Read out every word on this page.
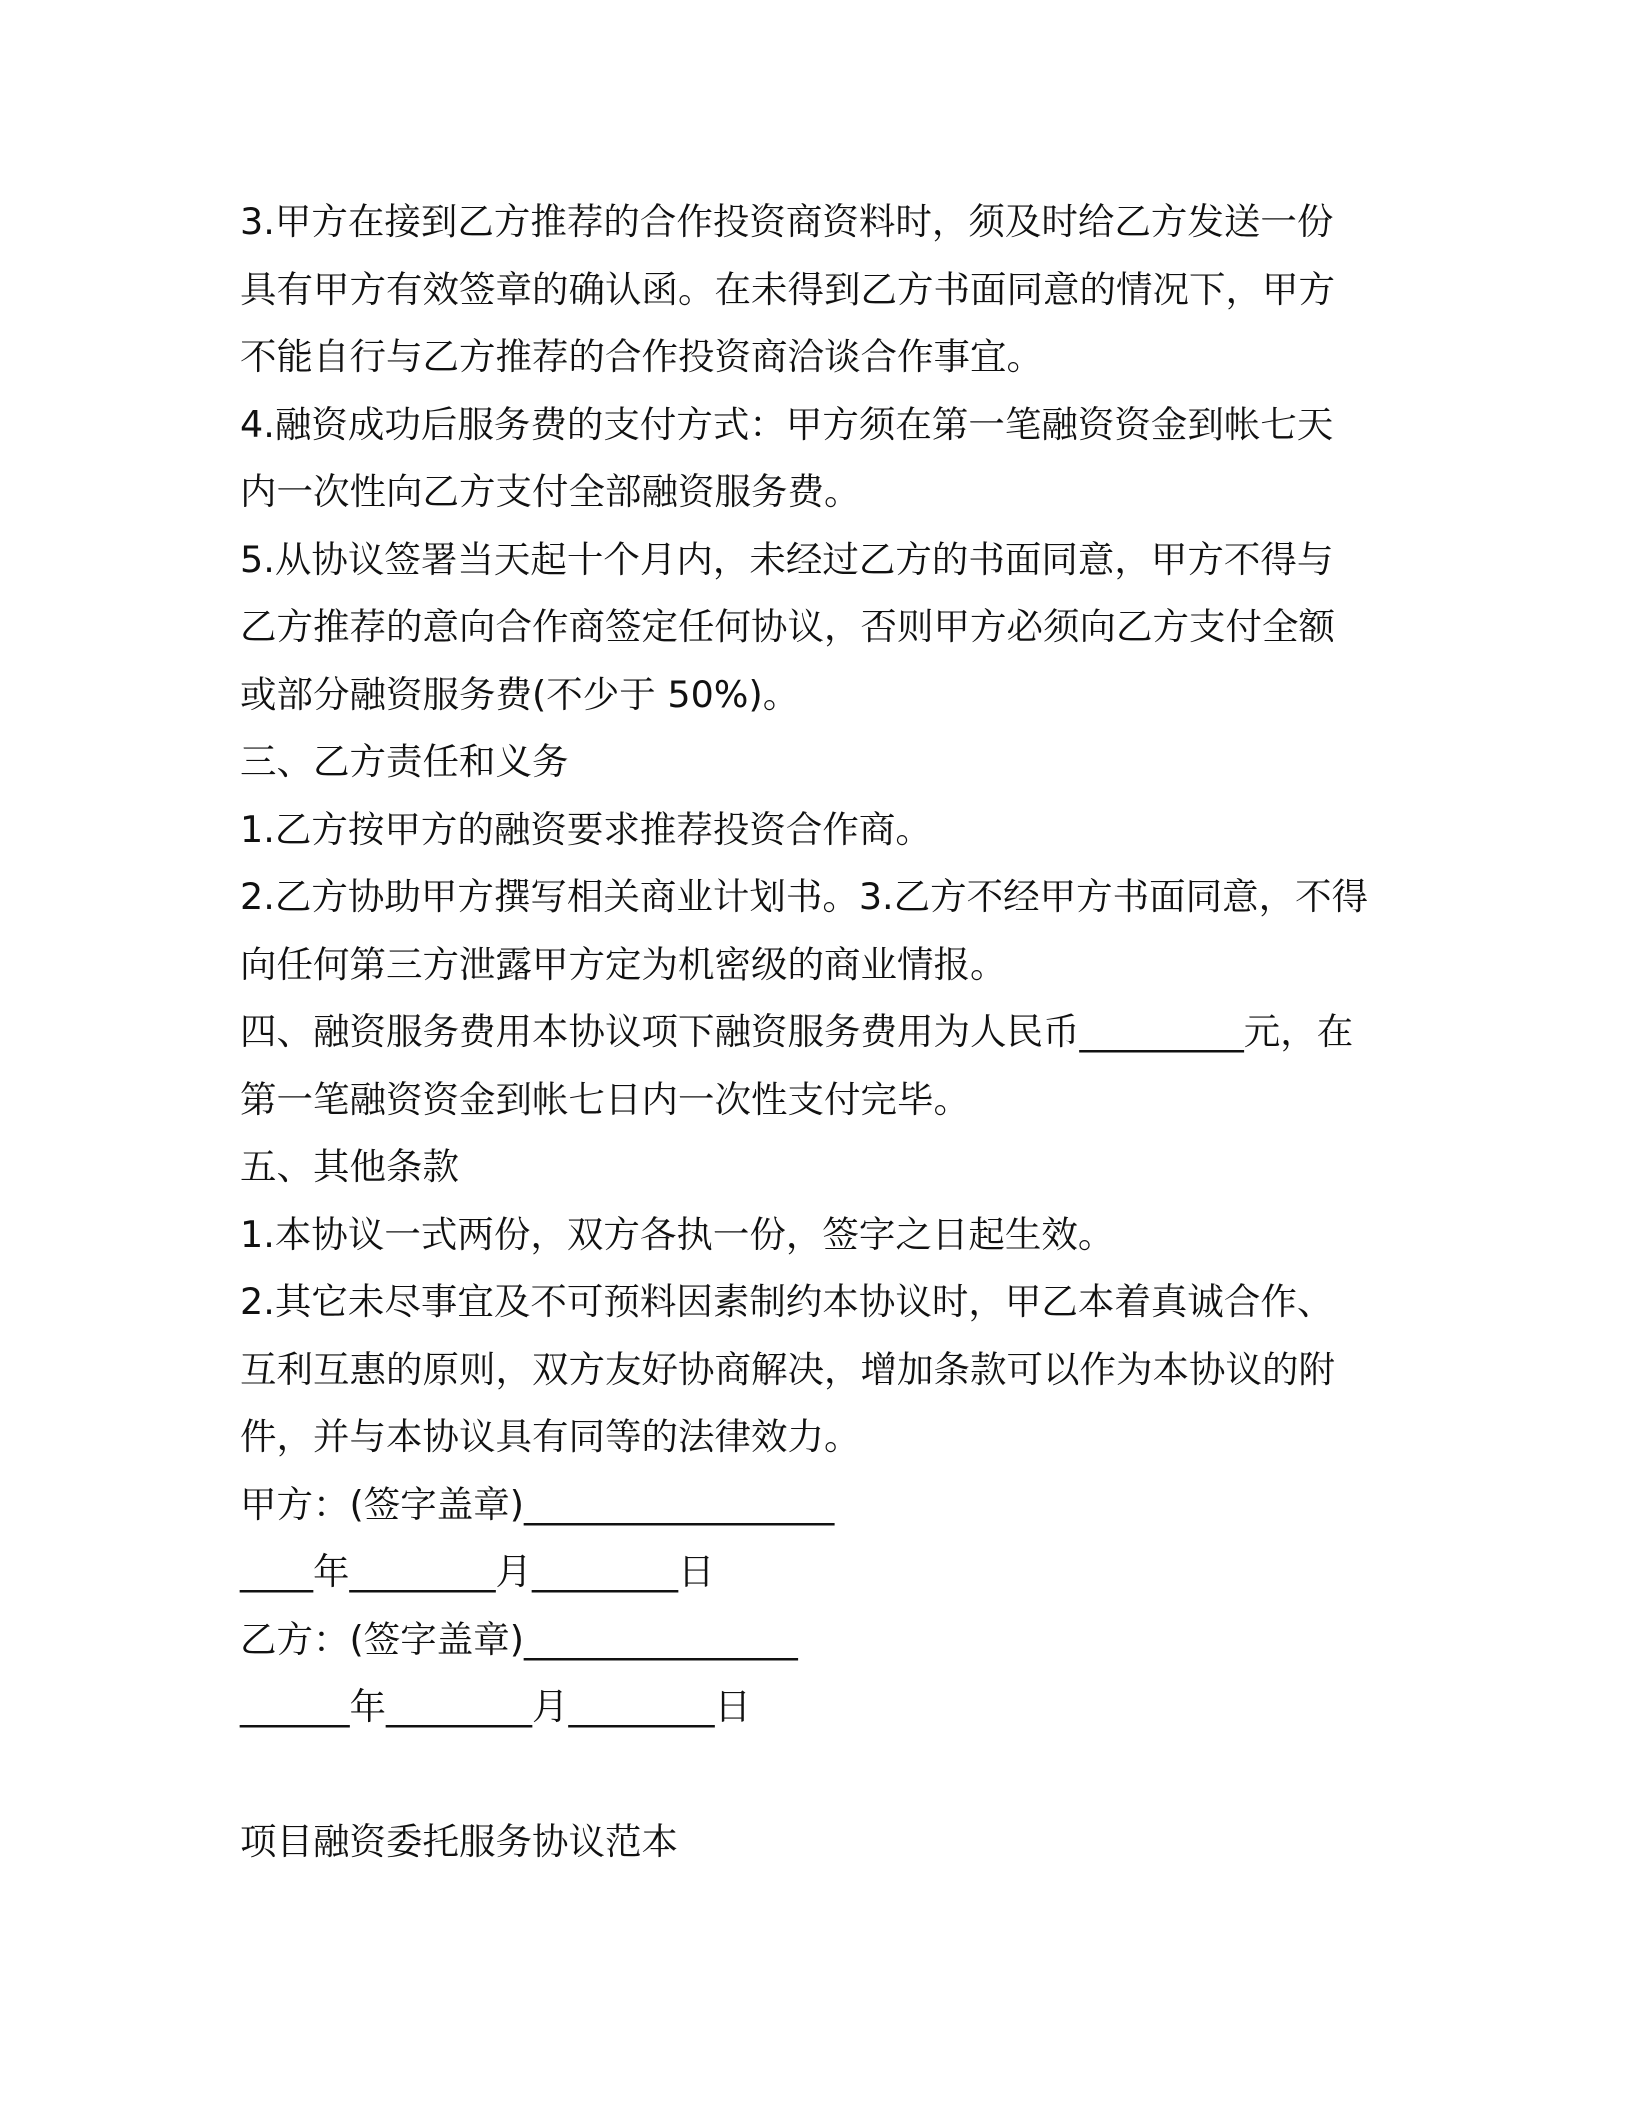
3.甲方在接到乙方推荐的合作投资商资料时，须及时给乙方发送一份
具有甲方有效签章的确认函。在未得到乙方书面同意的情况下，甲方
不能自行与乙方推荐的合作投资商洽谈合作事宜。
4.融资成功后服务费的支付方式：甲方须在第一笔融资资金到帐七天
内一次性向乙方支付全部融资服务费。
5.从协议签署当天起十个月内，未经过乙方的书面同意，甲方不得与
乙方推荐的意向合作商签定任何协议，否则甲方必须向乙方支付全额
或部分融资服务费(不少于 50%)。
三、乙方责任和义务
1.乙方按甲方的融资要求推荐投资合作商。
2.乙方协助甲方撰写相关商业计划书。3.乙方不经甲方书面同意，不得
向任何第三方泄露甲方定为机密级的商业情报。
四、融资服务费用本协议项下融资服务费用为人民币_________元，在
第一笔融资资金到帐七日内一次性支付完毕。
五、其他条款
1.本协议一式两份，双方各执一份，签字之日起生效。
2.其它未尽事宜及不可预料因素制约本协议时，甲乙本着真诚合作、
互利互惠的原则，双方友好协商解决，增加条款可以作为本协议的附
件，并与本协议具有同等的法律效力。
甲方：(签字盖章)_________________
____年________月________日
乙方：(签字盖章)_______________
______年________月________日
项目融资委托服务协议范本
